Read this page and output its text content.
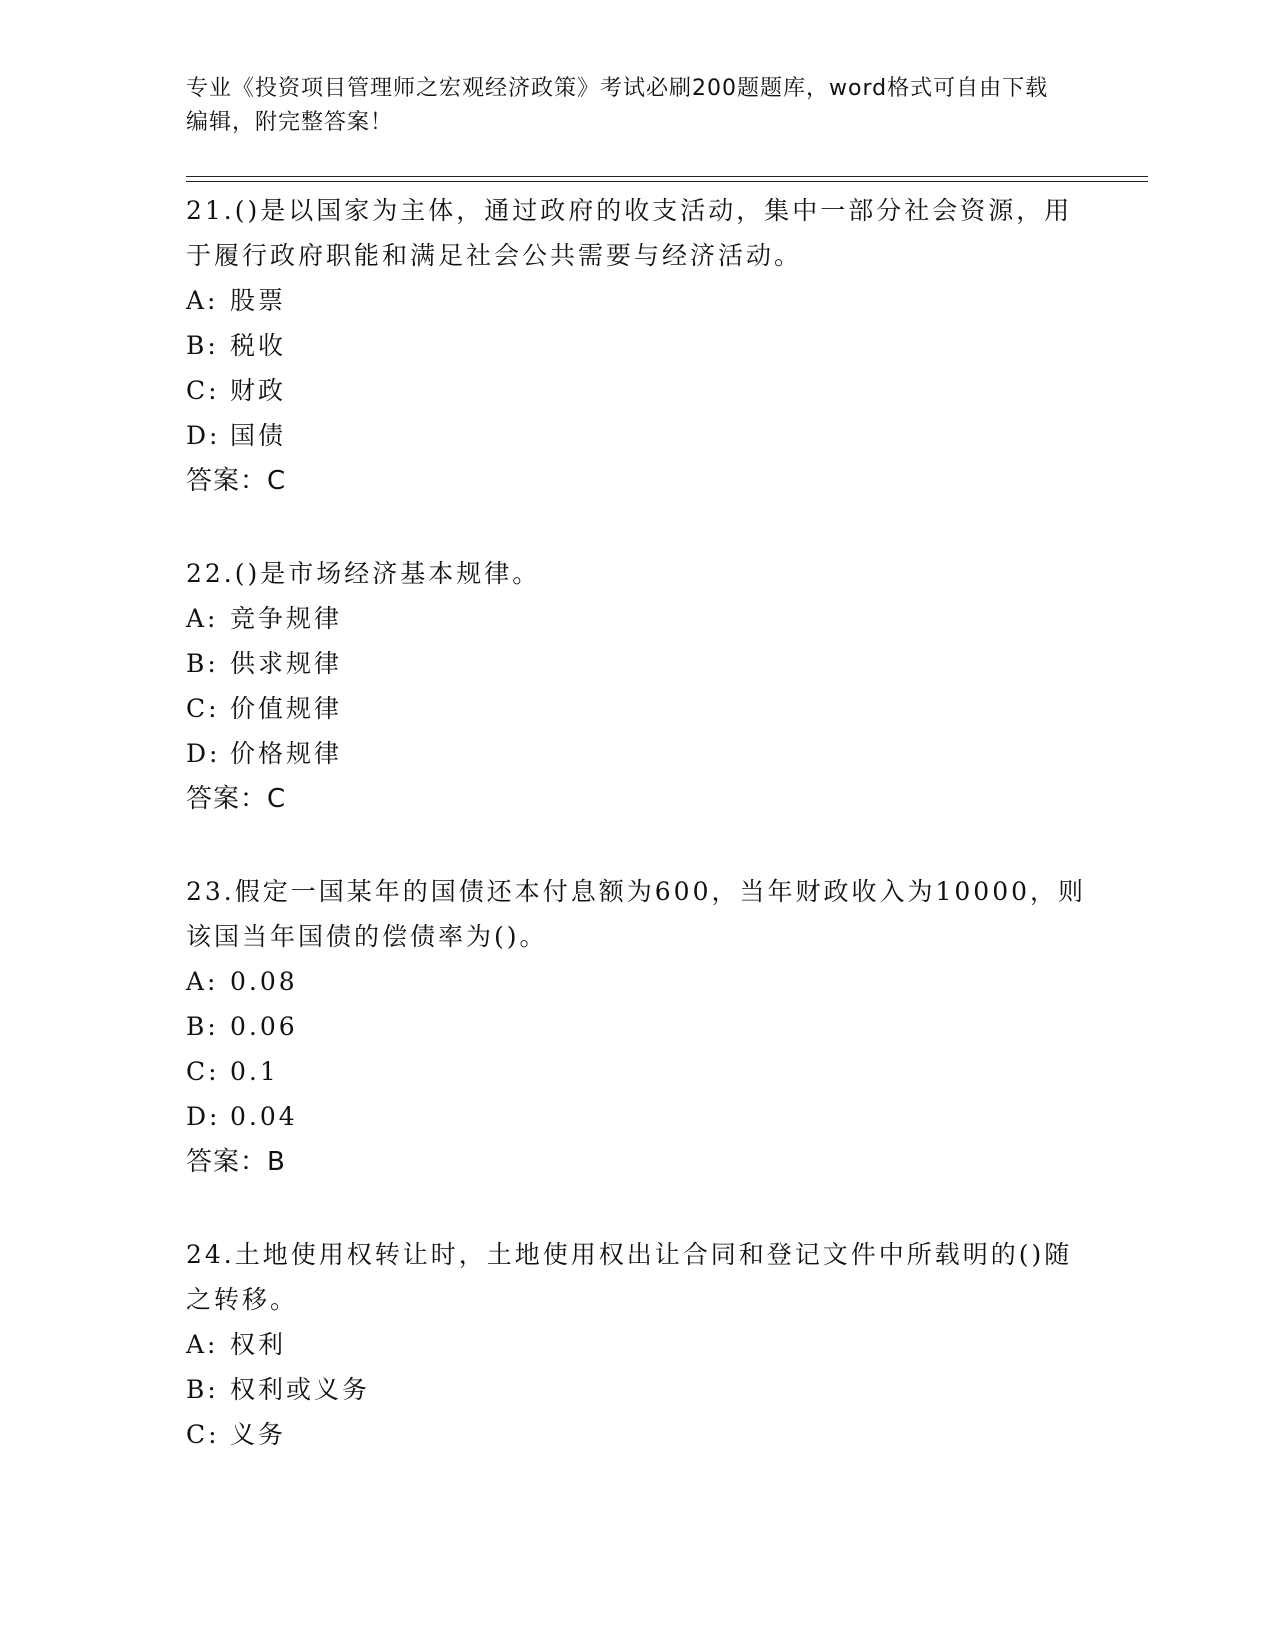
专业《投资项目管理师之宏观经济政策》考试必刷200题题库，word格式可自由下载编辑，附完整答案！
21.()是以国家为主体，通过政府的收支活动，集中一部分社会资源，用于履行政府职能和满足社会公共需要与经济活动。
A: 股票
B: 税收
C: 财政
D: 国债
答案：C
22.()是市场经济基本规律。
A: 竞争规律
B: 供求规律
C: 价值规律
D: 价格规律
答案：C
23.假定一国某年的国债还本付息额为600，当年财政收入为10000，则该国当年国债的偿债率为()。
A: 0.08
B: 0.06
C: 0.1
D: 0.04
答案：B
24.土地使用权转让时，土地使用权出让合同和登记文件中所载明的()随之转移。
A: 权利
B: 权利或义务
C: 义务
